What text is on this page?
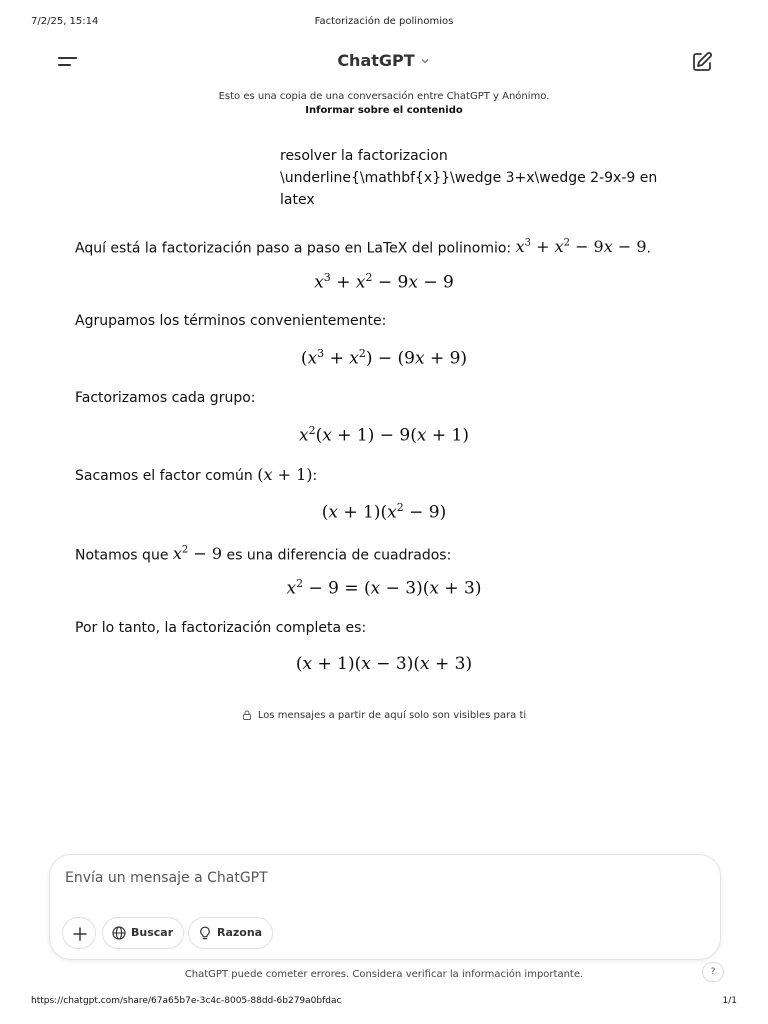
7/2/25, 15:14	Factorización de polinomios
ChatGPT
Esto es una copia de una conversación entre ChatGPT y Anónimo.
Informar sobre el contenido
resolver la factorizacion \underline{\mathbf{x}}\wedge 3+x\wedge 2-9x-9 en latex
Aquí está la factorización paso a paso en LaTeX del polinomio: $x^3 + x^2 - 9x - 9$.
$x^3 + x^2 - 9x - 9$
Agrupamos los términos convenientemente:
$(x^3 + x^2) - (9x + 9)$
Factorizamos cada grupo:
$x^2(x + 1) - 9(x + 1)$
Sacamos el factor común (x + 1):
$(x + 1)(x^2 - 9)$
Notamos que $x^2 - 9$ es una diferencia de cuadrados:
$x^2 - 9 = (x - 3)(x + 3)$
Por lo tanto, la factorización completa es:
(x + 1)(x − 3)(x + 3)
Los mensajes a partir de aquí solo son visibles para ti
Envía un mensaje a ChatGPT
Buscar	Razona
ChatGPT puede cometer errores. Considera verificar la información importante.	?
https://chatgpt.com/share/67a65b7e-3c4c-8005-88dd-6b279a0bfdac	1/1
